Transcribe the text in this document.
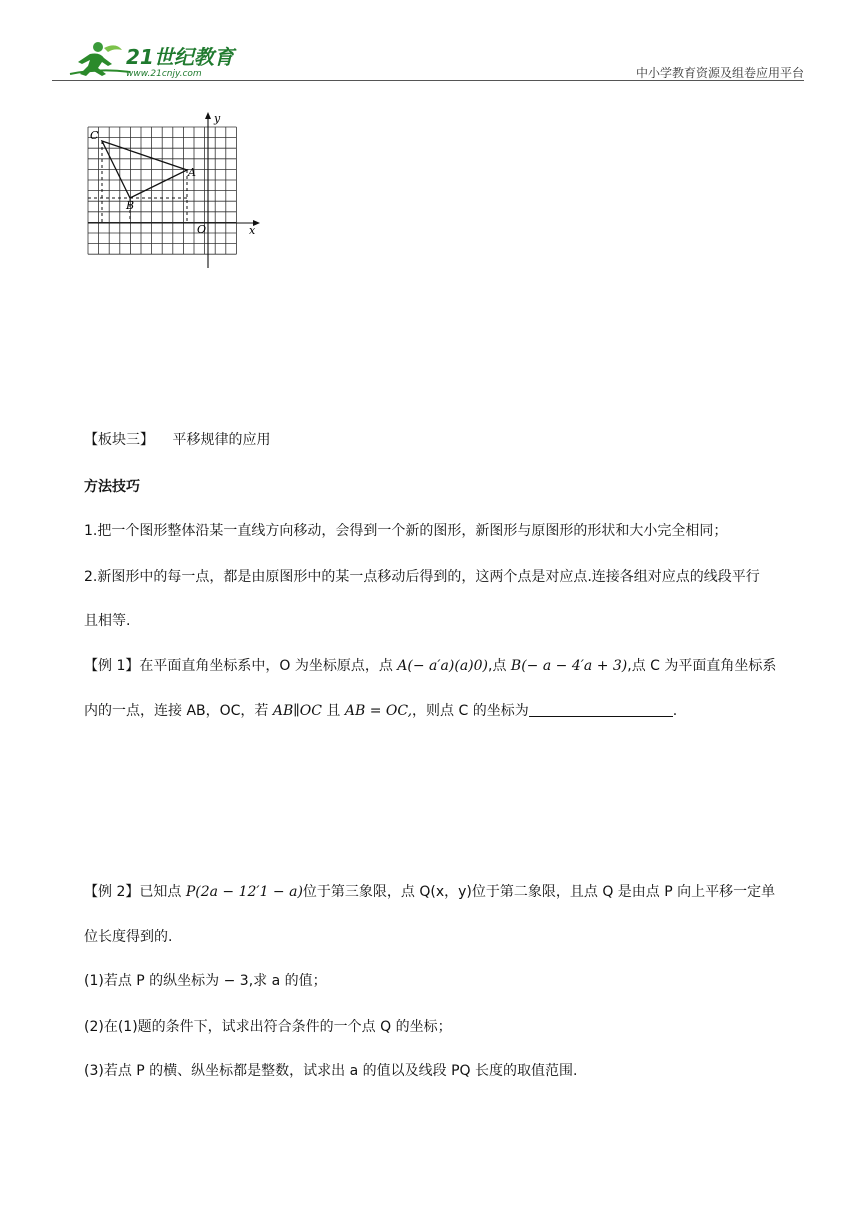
21世纪教育
www.21cnjy.com	中小学教育资源及组卷应用平台
y
x
O
A
B
C
【板块三】 平移规律的应用
方法技巧
1.把一个图形整体沿某一直线方向移动，会得到一个新的图形，新图形与原图形的形状和大小完全相同；
2.新图形中的每一点，都是由原图形中的某一点移动后得到的，这两个点是对应点.连接各组对应点的线段平行
且相等.
【例 1】在平面直角坐标系中，O 为坐标原点，点 A(− a′a)(a)0),点 B(− a − 4′a + 3),点 C 为平面直角坐标系
内的一点，连接 AB，OC，若 AB∥OC 且 AB = OC,，则点 C 的坐标为	.
【例 2】已知点 P(2a − 12′1 − a)位于第三象限，点 Q(x，y)位于第二象限，且点 Q 是由点 P 向上平移一定单
位长度得到的.
(1)若点 P 的纵坐标为 − 3,求 a 的值；
(2)在(1)题的条件下，试求出符合条件的一个点 Q 的坐标；
(3)若点 P 的横、纵坐标都是整数，试求出 a 的值以及线段 PQ 长度的取值范围.
